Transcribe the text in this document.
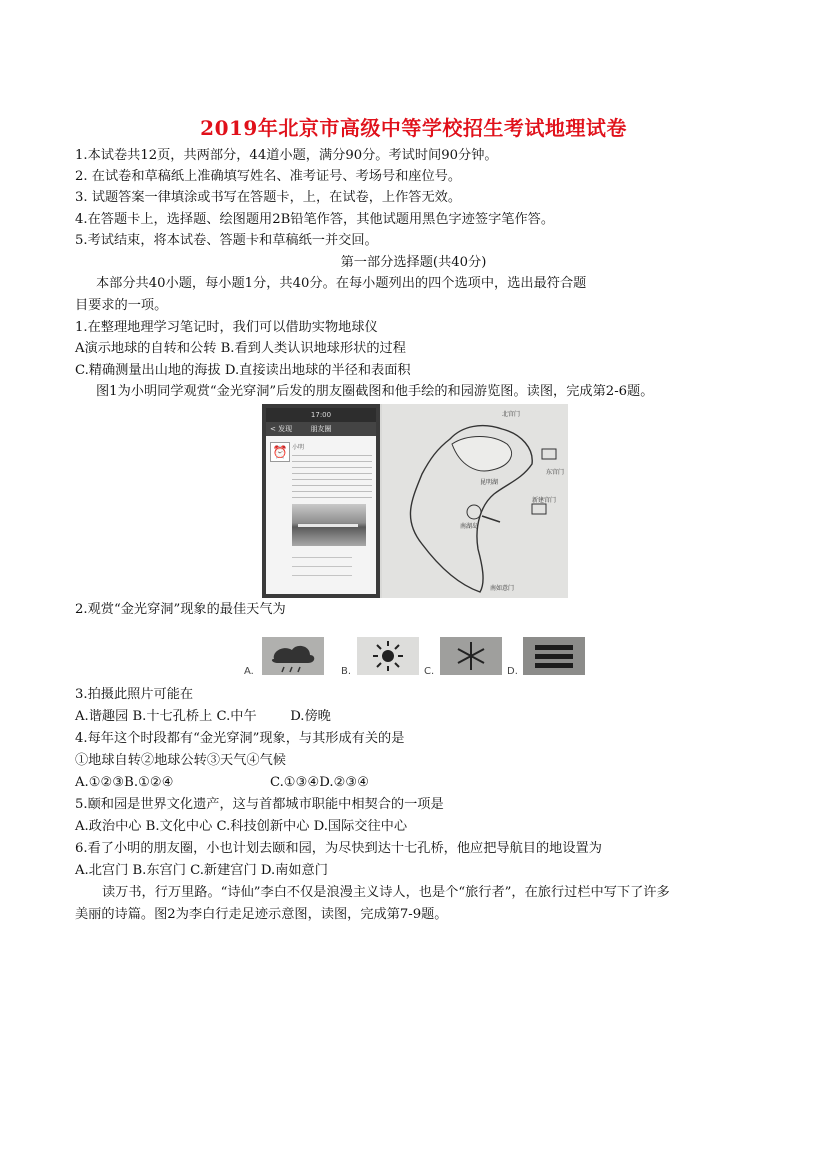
2019年北京市高级中等学校招生考试地理试卷
1.本试卷共12页，共两部分，44道小题，满分90分。考试时间90分钟。
2. 在试卷和草稿纸上准确填写姓名、准考证号、考场号和座位号。
3. 试题答案一律填涂或书写在答题卡，上，在试卷，上作答无效。
4.在答题卡上，选择题、绘图题用2B铅笔作答，其他试题用黑色字迹签字笔作答。
5.考试结束，将本试卷、答题卡和草稿纸一并交回。
第一部分选择题(共40分)
本部分共40小题，每小题1分，共40分。在每小题列出的四个选项中，选出最符合题
目要求的一项。
1.在整理地理学习笔记时，我们可以借助实物地球仪
A演示地球的自转和公转 B.看到人类认识地球形状的过程
C.精确测量出山地的海拔 D.直接读出地球的半径和表面积
图1为小明同学观赏“金光穿洞”后发的朋友圈截图和他手绘的和园游览图。读图，完成第2-6题。
17:00
< 发现	朋友圈
⏰ 小明
北宫门
东宫门
新建宫门
南如意门
昆明湖
南湖岛
2.观赏“金光穿洞”现象的最佳天气为
A.	B.	C.	D.
3.拍摄此照片可能在
A.谐趣园 B.十七孔桥上 C.中午        D.傍晚
4.每年这个时段都有“金光穿洞”现象，与其形成有关的是
①地球自转②地球公转③天气④气候
A.①②③B.①②④	C.①③④D.②③④
5.颐和园是世界文化遗产，这与首都城市职能中相契合的一项是
A.政治中心 B.文化中心 C.科技创新中心 D.国际交往中心
6.看了小明的朋友圈，小也计划去颐和园，为尽快到达十七孔桥，他应把导航目的地设置为
A.北宫门 B.东宫门 C.新建宫门 D.南如意门
读万书，行万里路。“诗仙”李白不仅是浪漫主义诗人，也是个“旅行者”，在旅行过栏中写下了许多
美丽的诗篇。图2为李白行走足迹示意图，读图，完成第7-9题。
